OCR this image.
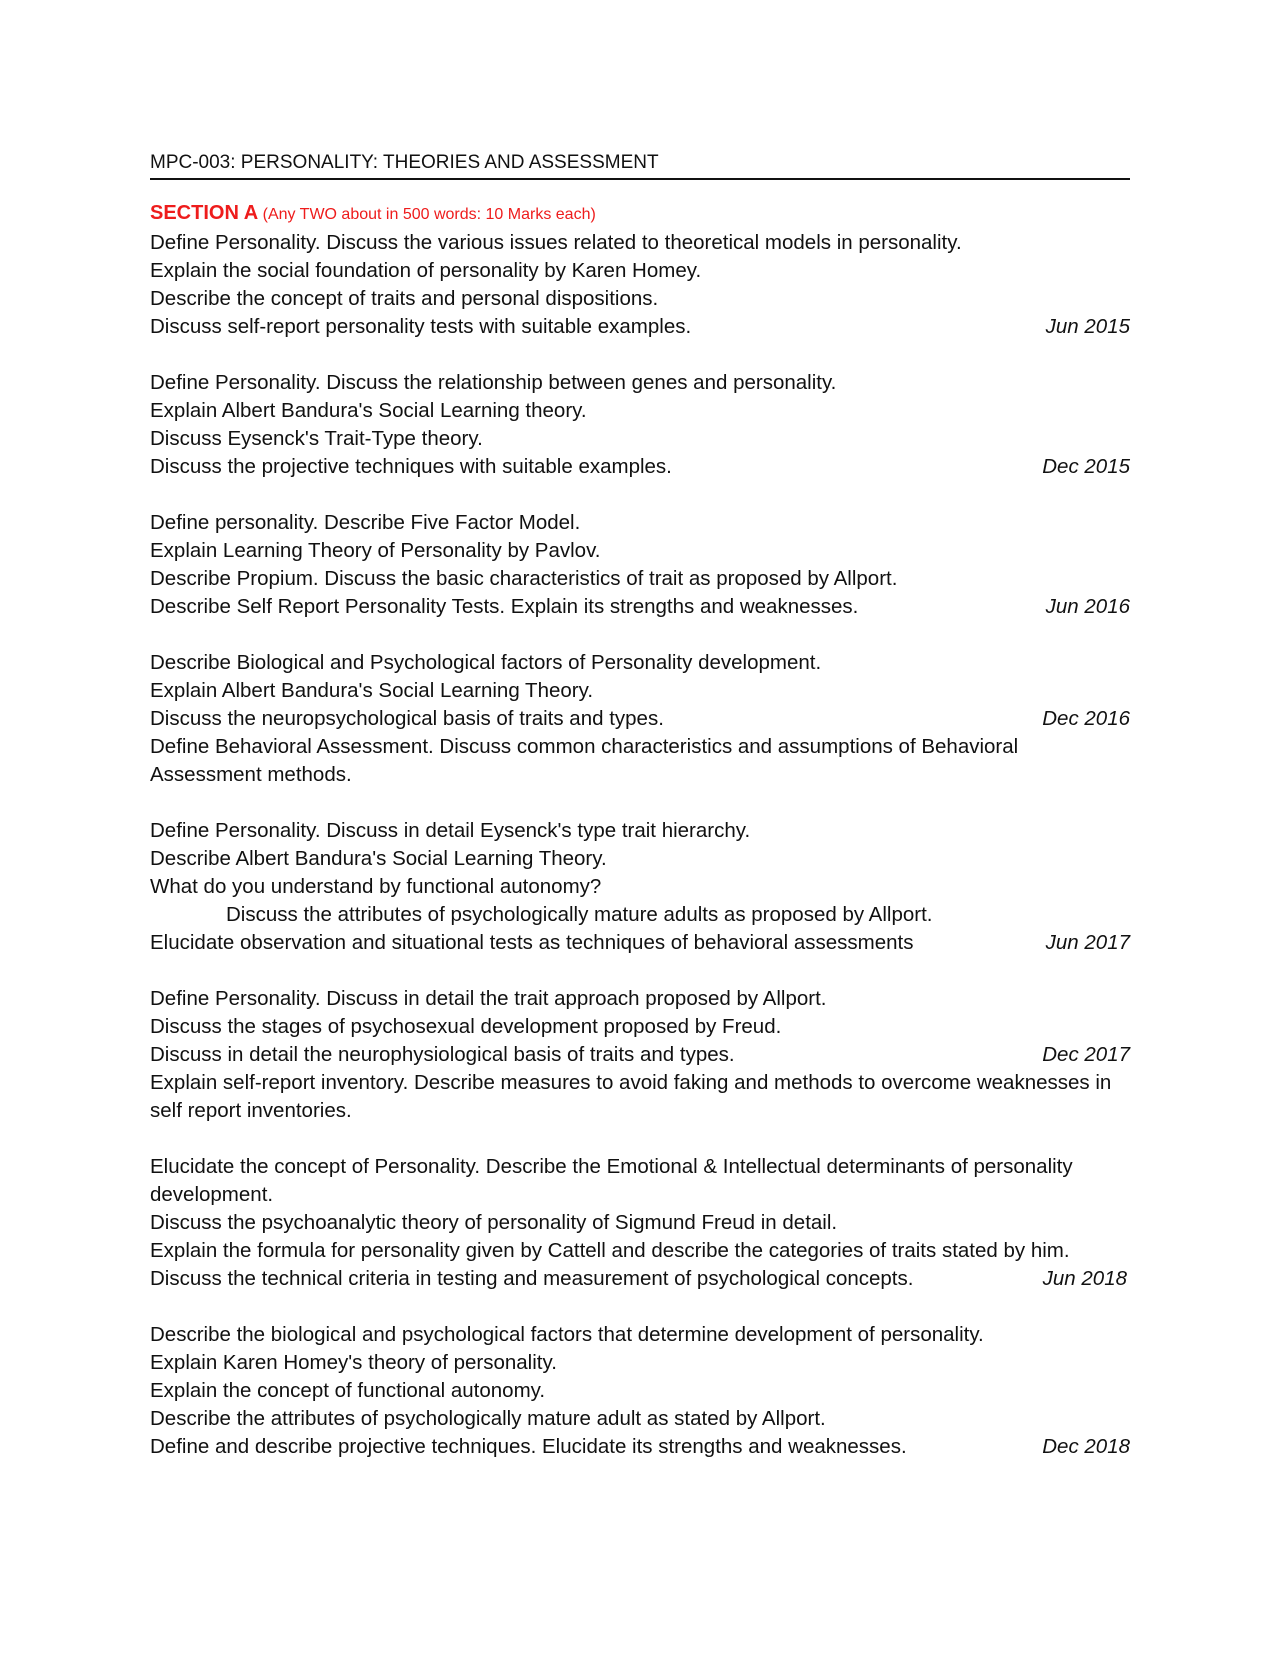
MPC-003: PERSONALITY: THEORIES AND ASSESSMENT
SECTION A (Any TWO about in 500 words: 10 Marks each)
Define Personality. Discuss the various issues related to theoretical models in personality.
Explain the social foundation of personality by Karen Homey.
Describe the concept of traits and personal dispositions.
Discuss self-report personality tests with suitable examples.	Jun 2015
Define Personality. Discuss the relationship between genes and personality.
Explain Albert Bandura's Social Learning theory.
Discuss Eysenck's Trait-Type theory.
Discuss the projective techniques with suitable examples.	Dec 2015
Define personality. Describe Five Factor Model.
Explain Learning Theory of Personality by Pavlov.
Describe Propium. Discuss the basic characteristics of trait as proposed by Allport.
Describe Self Report Personality Tests. Explain its strengths and weaknesses.	Jun 2016
Describe Biological and Psychological factors of Personality development.
Explain Albert Bandura's Social Learning Theory.
Discuss the neuropsychological basis of traits and types.	Dec 2016
Define Behavioral Assessment. Discuss common characteristics and assumptions of Behavioral Assessment methods.
Define Personality. Discuss in detail Eysenck's type trait hierarchy.
Describe Albert Bandura's Social Learning Theory.
What do you understand by functional autonomy?
Discuss the attributes of psychologically mature adults as proposed by Allport.
Elucidate observation and situational tests as techniques of behavioral assessments	Jun 2017
Define Personality. Discuss in detail the trait approach proposed by Allport.
Discuss the stages of psychosexual development proposed by Freud.
Discuss in detail the neurophysiological basis of traits and types.	Dec 2017
Explain self-report inventory. Describe measures to avoid faking and methods to overcome weaknesses in self report inventories.
Elucidate the concept of Personality. Describe the Emotional & Intellectual determinants of personality development.
Discuss the psychoanalytic theory of personality of Sigmund Freud in detail.
Explain the formula for personality given by Cattell and describe the categories of traits stated by him.
Discuss the technical criteria in testing and measurement of psychological concepts.	Jun 2018
Describe the biological and psychological factors that determine development of personality.
Explain Karen Homey's theory of personality.
Explain the concept of functional autonomy.
Describe the attributes of psychologically mature adult as stated by Allport.
Define and describe projective techniques. Elucidate its strengths and weaknesses.	Dec 2018
